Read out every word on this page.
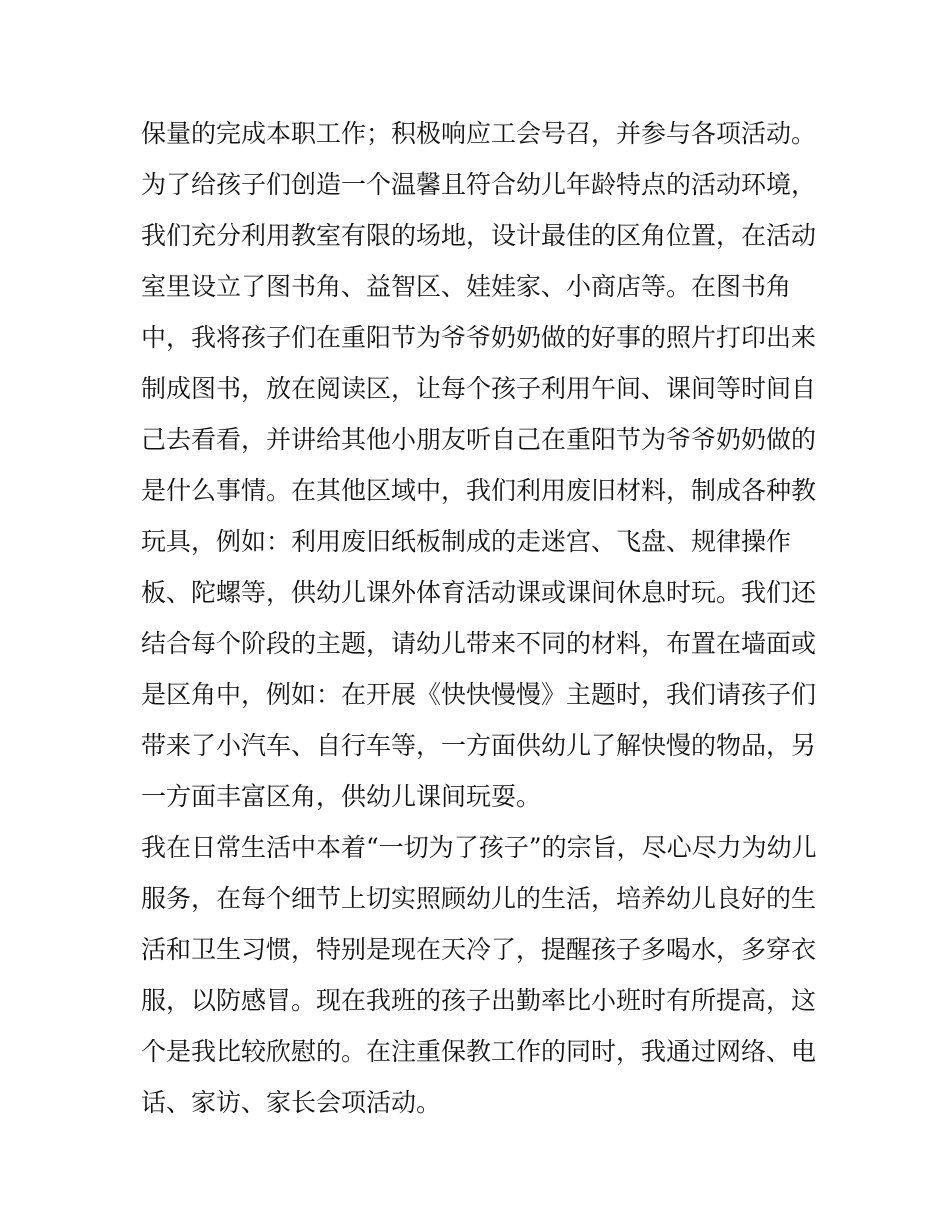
保量的完成本职工作；积极响应工会号召，并参与各项活动。
为了给孩子们创造一个温馨且符合幼儿年龄特点的活动环境，
我们充分利用教室有限的场地，设计最佳的区角位置，在活动
室里设立了图书角、益智区、娃娃家、小商店等。在图书角
中，我将孩子们在重阳节为爷爷奶奶做的好事的照片打印出来
制成图书，放在阅读区，让每个孩子利用午间、课间等时间自
己去看看，并讲给其他小朋友听自己在重阳节为爷爷奶奶做的
是什么事情。在其他区域中，我们利用废旧材料，制成各种教
玩具，例如：利用废旧纸板制成的走迷宫、飞盘、规律操作
板、陀螺等，供幼儿课外体育活动课或课间休息时玩。我们还
结合每个阶段的主题，请幼儿带来不同的材料，布置在墙面或
是区角中，例如：在开展《快快慢慢》主题时，我们请孩子们
带来了小汽车、自行车等，一方面供幼儿了解快慢的物品，另
一方面丰富区角，供幼儿课间玩耍。
我在日常生活中本着“一切为了孩子”的宗旨，尽心尽力为幼儿
服务，在每个细节上切实照顾幼儿的生活，培养幼儿良好的生
活和卫生习惯，特别是现在天冷了，提醒孩子多喝水，多穿衣
服，以防感冒。现在我班的孩子出勤率比小班时有所提高，这
个是我比较欣慰的。在注重保教工作的同时，我通过网络、电
话、家访、家长会项活动。
